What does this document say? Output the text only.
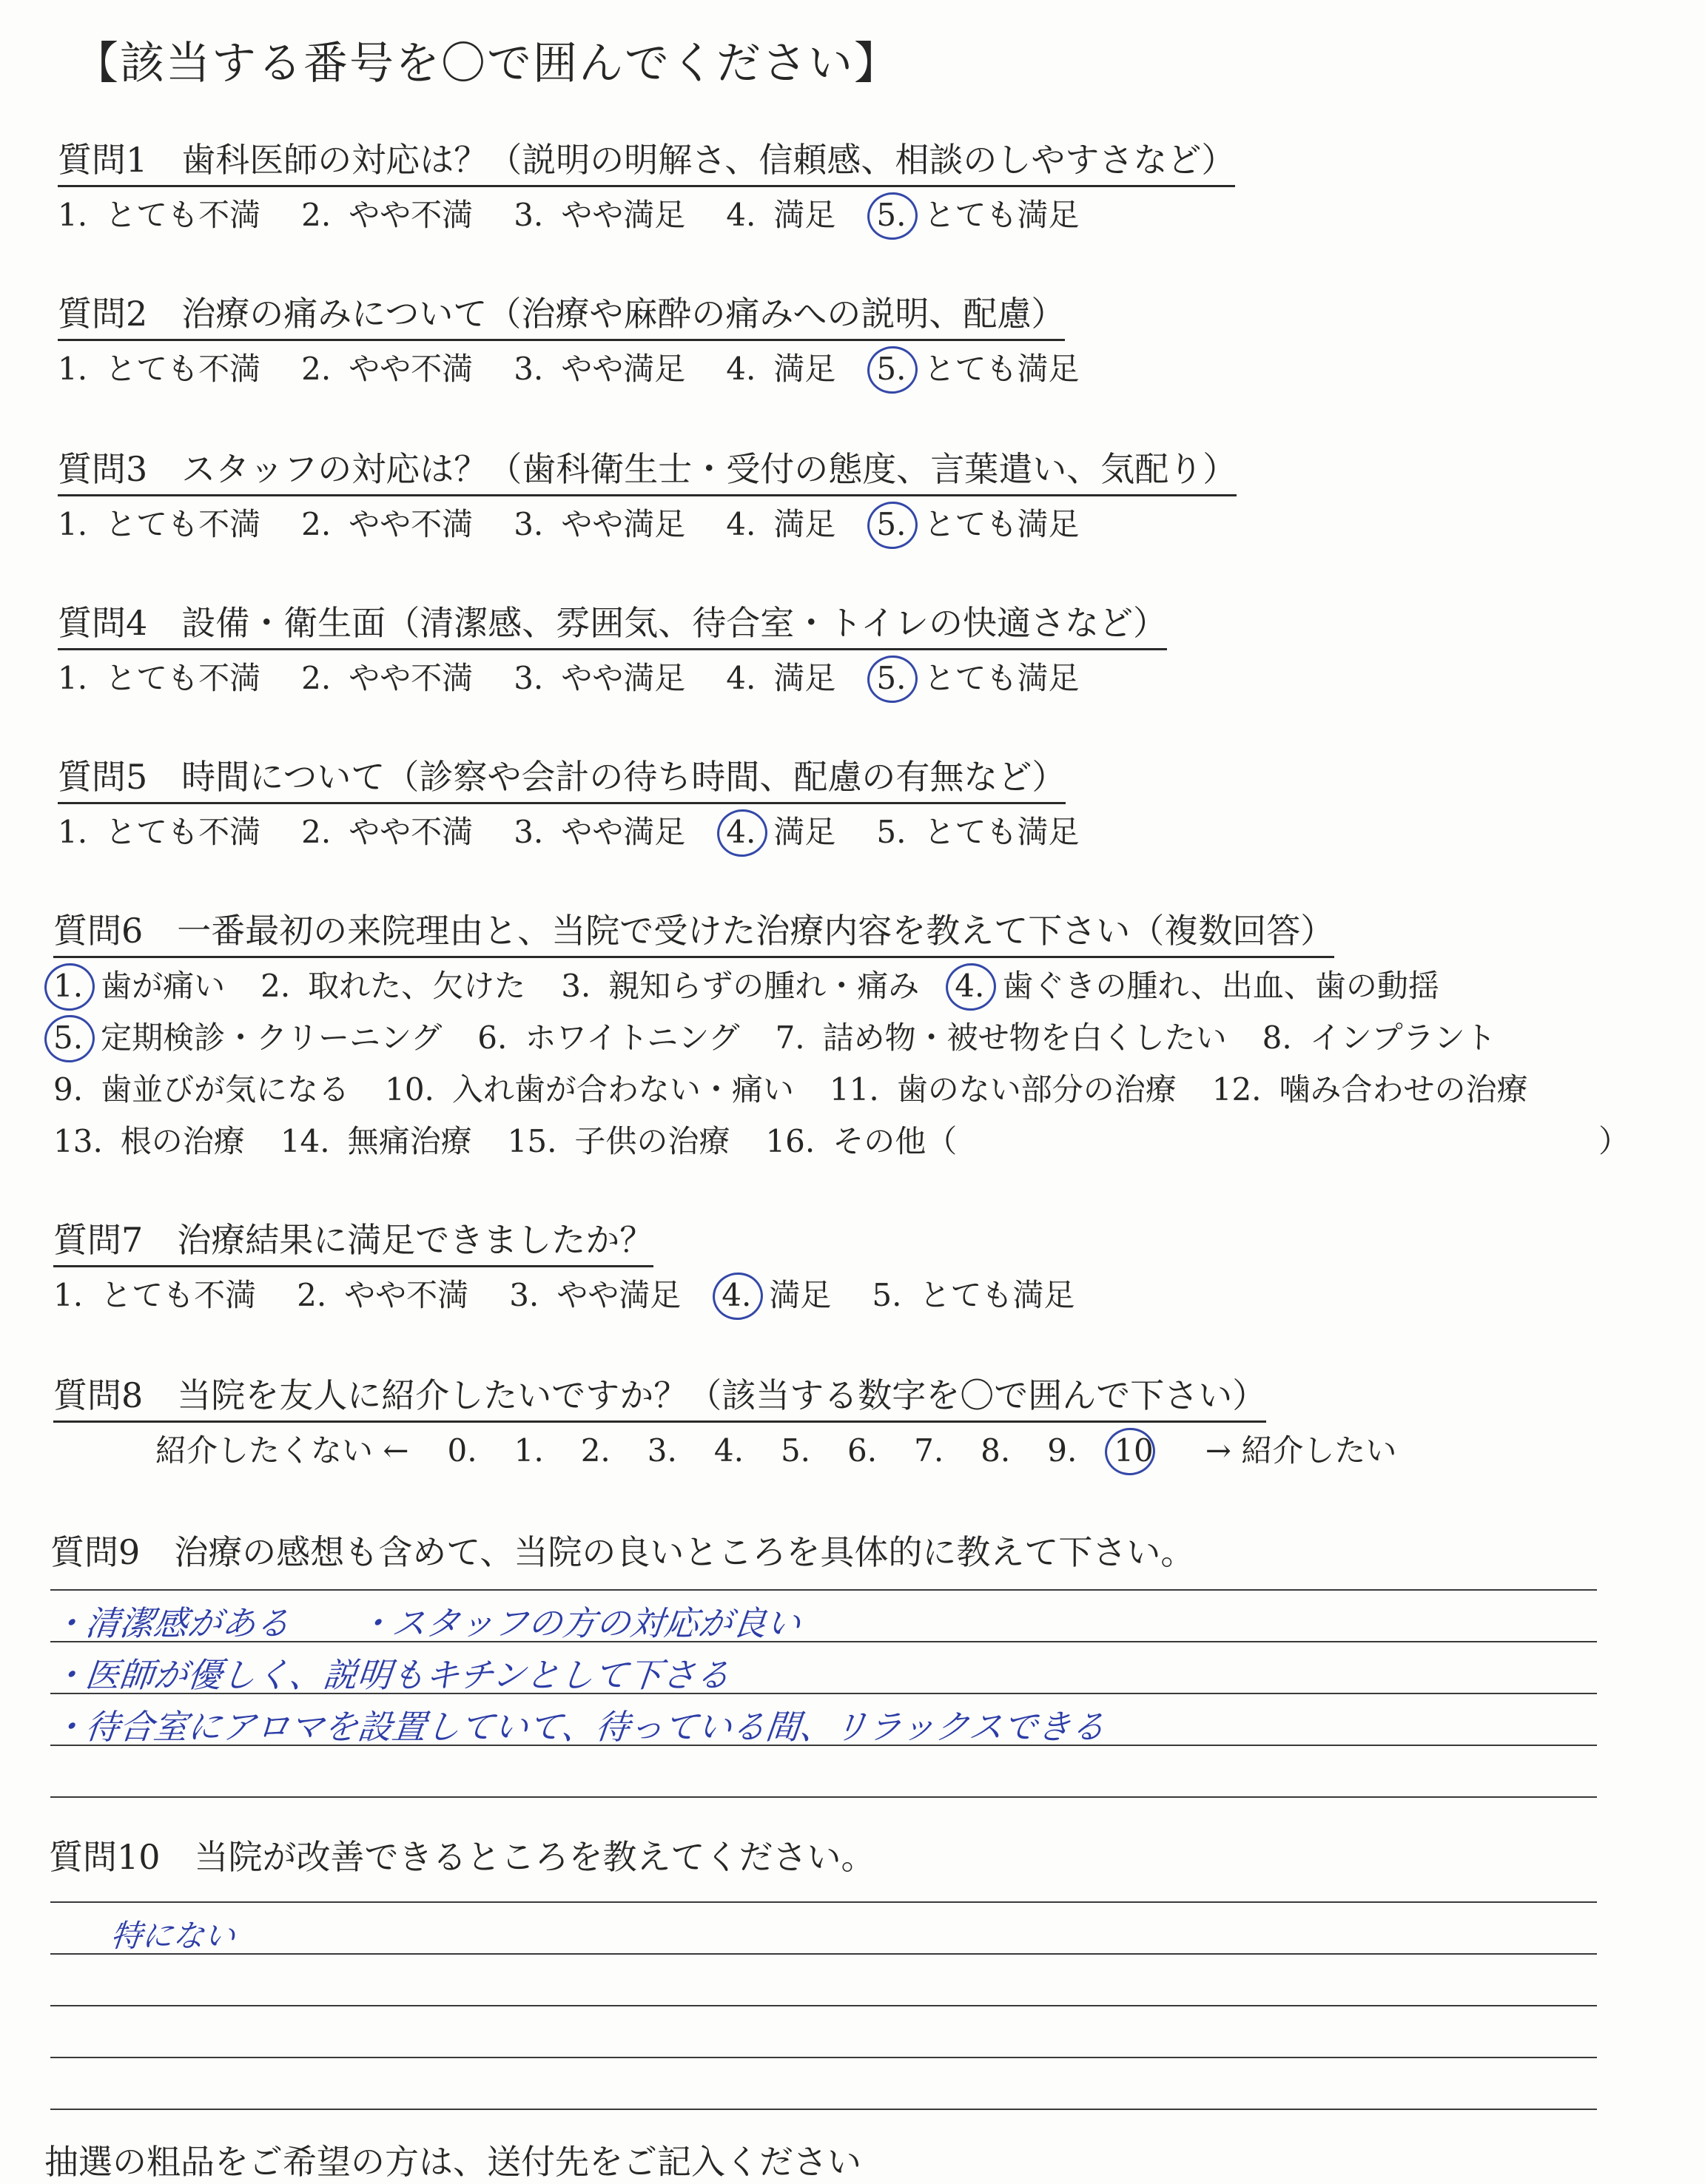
【該当する番号を〇で囲んでください】
質問1　歯科医師の対応は？（説明の明解さ、信頼感、相談のしやすさなど）
1. とても不満 2. やや不満 3. やや満足 4. 満足 5. とても満足
質問2　治療の痛みについて（治療や麻酔の痛みへの説明、配慮）
1. とても不満 2. やや不満 3. やや満足 4. 満足 5. とても満足
質問3　スタッフの対応は？（歯科衛生士・受付の態度、言葉遣い、気配り）
1. とても不満 2. やや不満 3. やや満足 4. 満足 5. とても満足
質問4　設備・衛生面（清潔感、雰囲気、待合室・トイレの快適さなど）
1. とても不満 2. やや不満 3. やや満足 4. 満足 5. とても満足
質問5　時間について（診察や会計の待ち時間、配慮の有無など）
1. とても不満 2. やや不満 3. やや満足 4. 満足 5. とても満足
質問6　一番最初の来院理由と、当院で受けた治療内容を教えて下さい（複数回答）
1. 歯が痛い 2. 取れた、欠けた 3. 親知らずの腫れ・痛み 4. 歯ぐきの腫れ、出血、歯の動揺
5. 定期検診・クリーニング 6. ホワイトニング 7. 詰め物・被せ物を白くしたい 8. インプラント
9. 歯並びが気になる 10. 入れ歯が合わない・痛い 11. 歯のない部分の治療 12. 噛み合わせの治療
13. 根の治療 14. 無痛治療 15. 子供の治療 16. その他（	）
質問7　治療結果に満足できましたか？
1. とても不満 2. やや不満 3. やや満足 4. 満足 5. とても満足
質問8　当院を友人に紹介したいですか？（該当する数字を〇で囲んで下さい）
紹介したくない ← 0. 1. 2. 3. 4. 5. 6. 7. 8. 9. 10 → 紹介したい
質問9　治療の感想も含めて、当院の良いところを具体的に教えて下さい。
・清潔感がある　　・スタッフの方の対応が良い
・医師が優しく、説明もキチンとして下さる
・待合室にアロマを設置していて、待っている間、リラックスできる
質問10　当院が改善できるところを教えてください。
特にない
抽選の粗品をご希望の方は、送付先をご記入ください
